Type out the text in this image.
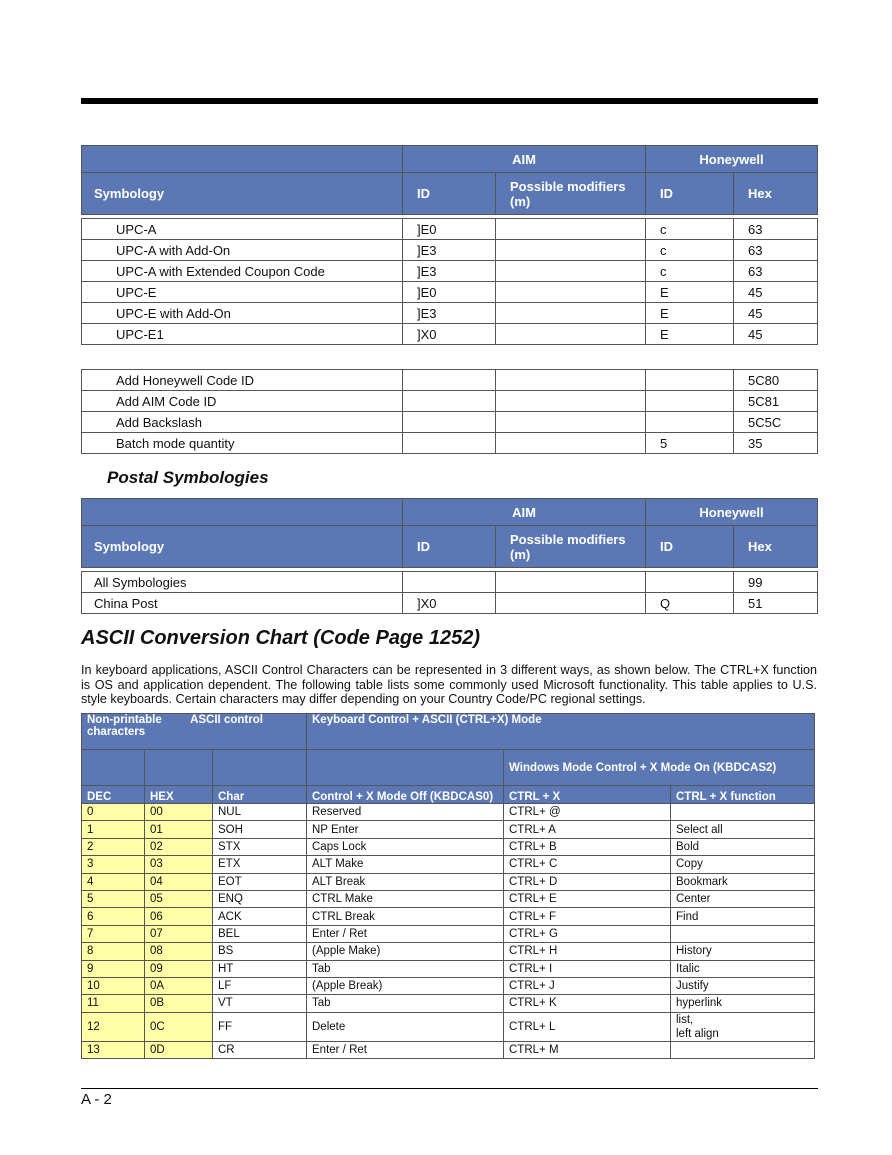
	AIM		Honeywell	
Symbology	ID	Possible modifiers (m)	ID	Hex

UPC-A	]E0		c	63
UPC-A with Add-On	]E3		c	63
UPC-A with Extended Coupon Code	]E3		c	63
UPC-E	]E0		E	45
UPC-E with Add-On	]E3		E	45
UPC-E1	]X0		E	45
Add Honeywell Code ID				5C80
Add AIM Code ID				5C81
Add Backslash				5C5C
Batch mode quantity			5	35
Postal Symbologies
	AIM		Honeywell	
Symbology	ID	Possible modifiers (m)	ID	Hex

All Symbologies				99
China Post	]X0		Q	51
ASCII Conversion Chart (Code Page 1252)

In keyboard applications, ASCII Control Characters can be represented in 3 different ways, as shown below. The CTRL+X function is OS and application dependent. The following table lists some commonly used Microsoft functionality. This table applies to U.S. style keyboards. Certain characters may differ depending on your Country Code/PC regional settings.

Non-printable         ASCII control characters			Keyboard Control + ASCII (CTRL+X) Mode		
				Windows Mode Control + X Mode On (KBDCAS2)	
DEC	HEX	Char	Control + X Mode Off (KBDCAS0)	CTRL + X	CTRL + X function
0	00	NUL	Reserved	CTRL+ @	
1	01	SOH	NP Enter	CTRL+ A	Select all
2	02	STX	Caps Lock	CTRL+ B	Bold
3	03	ETX	ALT Make	CTRL+ C	Copy
4	04	EOT	ALT Break	CTRL+ D	Bookmark
5	05	ENQ	CTRL Make	CTRL+ E	Center
6	06	ACK	CTRL Break	CTRL+ F	Find
7	07	BEL	Enter / Ret	CTRL+ G	
8	08	BS	(Apple Make)	CTRL+ H	History
9	09	HT	Tab	CTRL+ I	Italic
10	0A	LF	(Apple Break)	CTRL+ J	Justify
11	0B	VT	Tab	CTRL+ K	hyperlink
12	0C	FF	Delete	CTRL+ L	list,
left align
13	0D	CR	Enter / Ret	CTRL+ M	
A - 2
